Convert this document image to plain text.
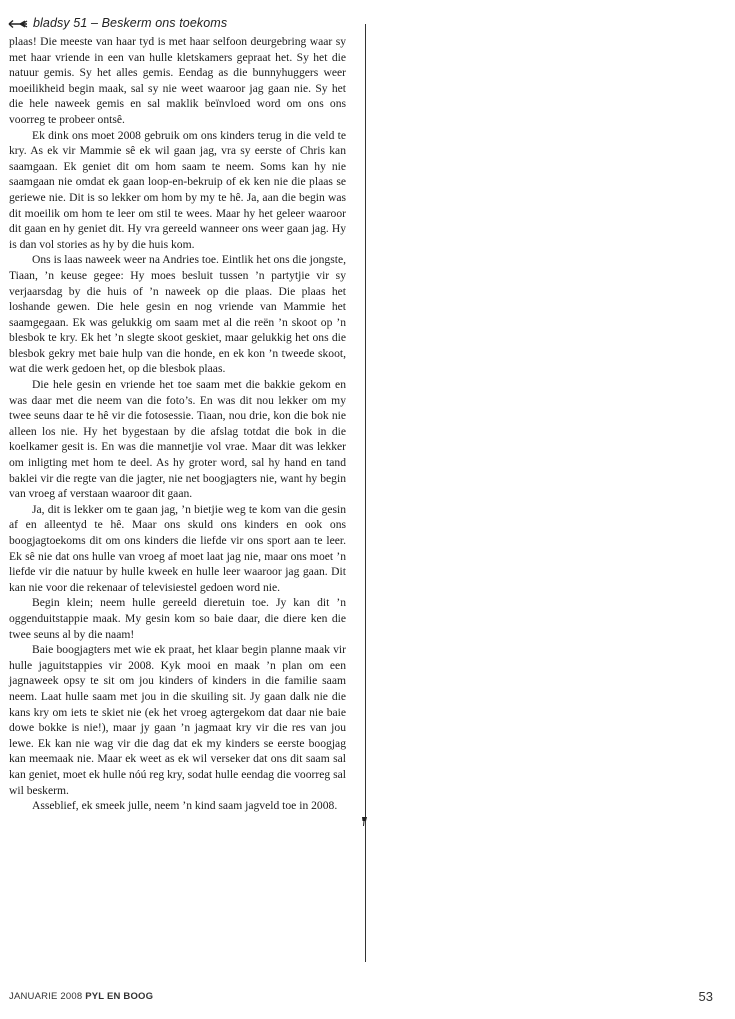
bladsy 51 – Beskerm ons toekoms

plaas! Die meeste van haar tyd is met haar selfoon deurgebring waar sy met haar vriende in een van hulle kletskamers gepraat het. Sy het die natuur gemis. Sy het alles gemis. Eendag as die bunnyhuggers weer moeilikheid begin maak, sal sy nie weet waaroor jag gaan nie. Sy het die hele naweek gemis en sal maklik beïnvloed word om ons ons voorreg te probeer ontsê.

Ek dink ons moet 2008 gebruik om ons kinders terug in die veld te kry. As ek vir Mammie sê ek wil gaan jag, vra sy eerste of Chris kan saamgaan. Ek geniet dit om hom saam te neem. Soms kan hy nie saamgaan nie omdat ek gaan loop-en-bekruip of ek ken nie die plaas se geriewe nie. Dit is so lekker om hom by my te hê. Ja, aan die begin was dit moeilik om hom te leer om stil te wees. Maar hy het geleer waaroor dit gaan en hy geniet dit. Hy vra gereeld wanneer ons weer gaan jag. Hy is dan vol stories as hy by die huis kom.

Ons is laas naweek weer na Andries toe. Eintlik het ons die jongste, Tiaan, ’n keuse gegee: Hy moes besluit tussen ’n partytjie vir sy verjaarsdag by die huis of ’n naweek op die plaas. Die plaas het loshande gewen. Die hele gesin en nog vriende van Mammie het saamgegaan. Ek was gelukkig om saam met al die reën ’n skoot op ’n blesbok te kry. Ek het ’n slegte skoot geskiet, maar gelukkig het ons die blesbok gekry met baie hulp van die honde, en ek kon ’n tweede skoot, wat die werk gedoen het, op die blesbok plaas.

Die hele gesin en vriende het toe saam met die bakkie gekom en was daar met die neem van die foto’s. En was dit nou lekker om my twee seuns daar te hê vir die fotosessie. Tiaan, nou drie, kon die bok nie alleen los nie. Hy het bygestaan by die afslag totdat die bok in die koelkamer gesit is. En was die mannetjie vol vrae. Maar dit was lekker om inligting met hom te deel. As hy groter word, sal hy hand en tand baklei vir die regte van die jagter, nie net boogjagters nie, want hy begin van vroeg af verstaan waaroor dit gaan.

Ja, dit is lekker om te gaan jag, ’n bietjie weg te kom van die gesin af en alleentyd te hê. Maar ons skuld ons kinders en ook ons boogjagtoekoms dit om ons kinders die liefde vir ons sport aan te leer. Ek sê nie dat ons hulle van vroeg af moet laat jag nie, maar ons moet ’n liefde vir die natuur by hulle kweek en hulle leer waaroor jag gaan. Dit kan nie voor die rekenaar of televisiestel gedoen word nie.

Begin klein; neem hulle gereeld dieretuin toe. Jy kan dit ’n oggenduitstappie maak. My gesin kom so baie daar, die diere ken die twee seuns al by die naam!

Baie boogjagters met wie ek praat, het klaar begin planne maak vir hulle jaguitstappies vir 2008. Kyk mooi en maak ’n plan om een jagnaweek opsy te sit om jou kinders of kinders in die familie saam neem. Laat hulle saam met jou in die skuiling sit. Jy gaan dalk nie die kans kry om iets te skiet nie (ek het vroeg agtergekom dat daar nie baie dowe bokke is nie!), maar jy gaan ’n jagmaat kry vir die res van jou lewe. Ek kan nie wag vir die dag dat ek my kinders se eerste boogjag kan meemaak nie. Maar ek weet as ek wil verseker dat ons dit saam sal kan geniet, moet ek hulle nóú reg kry, sodat hulle eendag die voorreg sal wil beskerm.

Asseblief, ek smeek julle, neem ’n kind saam jagveld toe in 2008.

JANUARIE 2008 PYL EN BOOG	53
